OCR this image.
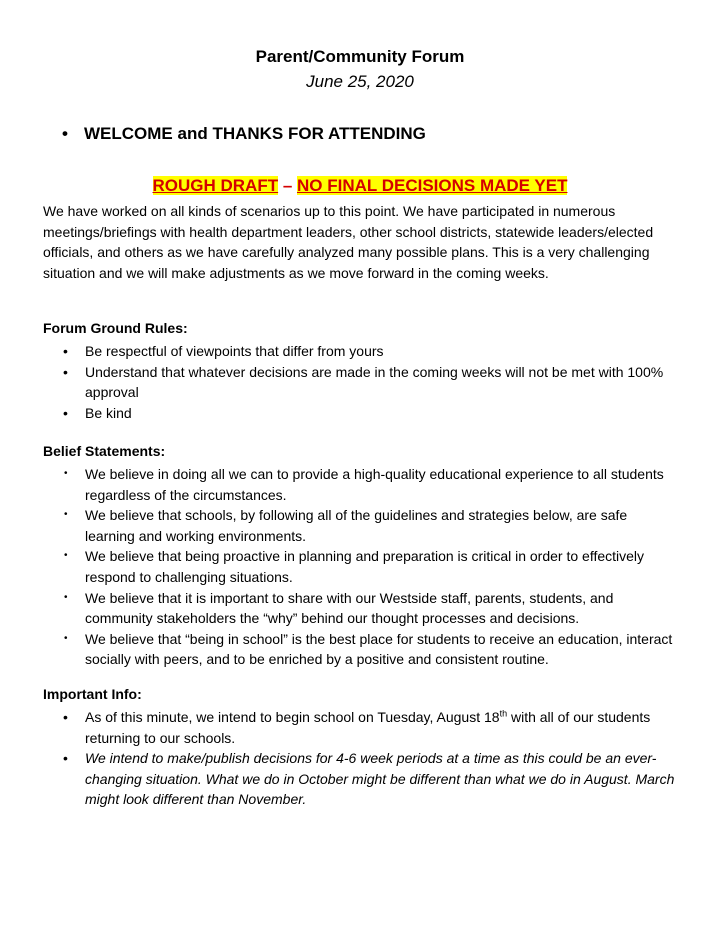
Parent/Community Forum
June 25, 2020
• WELCOME and THANKS FOR ATTENDING
ROUGH DRAFT – NO FINAL DECISIONS MADE YET
We have worked on all kinds of scenarios up to this point. We have participated in numerous meetings/briefings with health department leaders, other school districts, statewide leaders/elected officials, and others as we have carefully analyzed many possible plans. This is a very challenging situation and we will make adjustments as we move forward in the coming weeks.
Forum Ground Rules:
• Be respectful of viewpoints that differ from yours
• Understand that whatever decisions are made in the coming weeks will not be met with 100% approval
• Be kind
Belief Statements:
• We believe in doing all we can to provide a high-quality educational experience to all students regardless of the circumstances.
• We believe that schools, by following all of the guidelines and strategies below, are safe learning and working environments.
• We believe that being proactive in planning and preparation is critical in order to effectively respond to challenging situations.
• We believe that it is important to share with our Westside staff, parents, students, and community stakeholders the “why” behind our thought processes and decisions.
• We believe that “being in school” is the best place for students to receive an education, interact socially with peers, and to be enriched by a positive and consistent routine.
Important Info:
• As of this minute, we intend to begin school on Tuesday, August 18th with all of our students returning to our schools.
• We intend to make/publish decisions for 4-6 week periods at a time as this could be an ever-changing situation. What we do in October might be different than what we do in August. March might look different than November.
